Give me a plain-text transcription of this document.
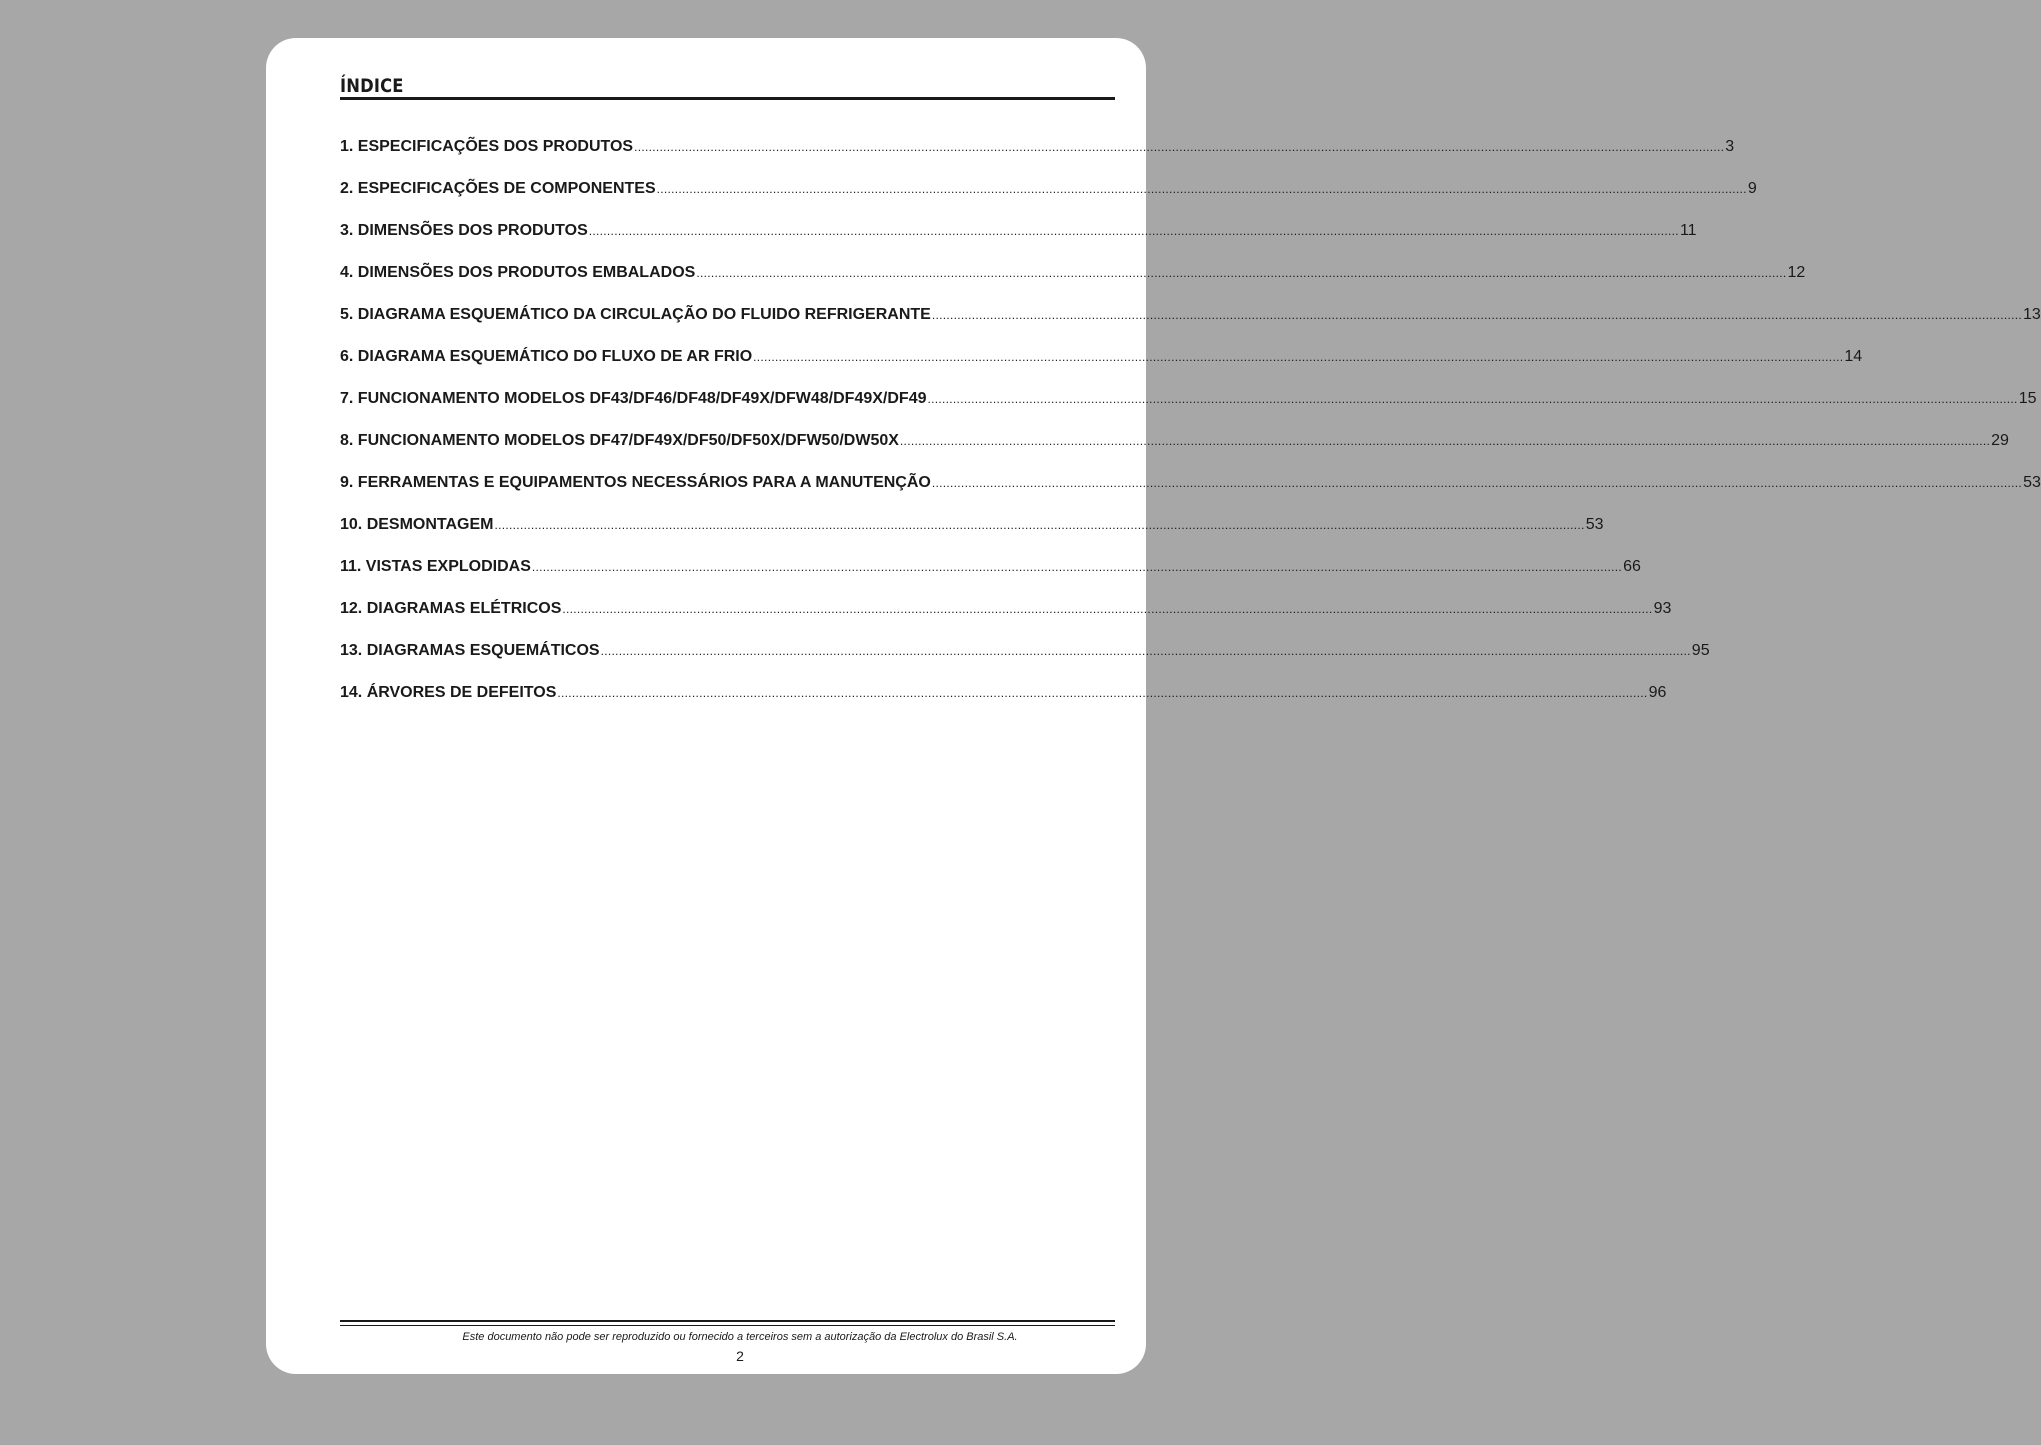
ÍNDICE
1. ESPECIFICAÇÕES DOS PRODUTOS ............................................................................................................................................................................................................................................................................................................ 3
2. ESPECIFICAÇÕES DE COMPONENTES ............................................................................................................................................................................................................................................................................................................ 9
3. DIMENSÕES DOS PRODUTOS ............................................................................................................................................................................................................................................................................................................ 11
4. DIMENSÕES DOS PRODUTOS EMBALADOS ............................................................................................................................................................................................................................................................................................................ 12
5. DIAGRAMA ESQUEMÁTICO DA CIRCULAÇÃO DO FLUIDO REFRIGERANTE ............................................................................................................................................................................................................................................................................................................ 13
6. DIAGRAMA ESQUEMÁTICO DO FLUXO DE AR FRIO ............................................................................................................................................................................................................................................................................................................ 14
7. FUNCIONAMENTO MODELOS DF43/DF46/DF48/DF49X/DFW48/DF49X/DF49 ............................................................................................................................................................................................................................................................................................................ 15
8. FUNCIONAMENTO MODELOS DF47/DF49X/DF50/DF50X/DFW50/DW50X ............................................................................................................................................................................................................................................................................................................ 29
9. FERRAMENTAS E EQUIPAMENTOS NECESSÁRIOS PARA A MANUTENÇÃO ............................................................................................................................................................................................................................................................................................................ 53
10. DESMONTAGEM ............................................................................................................................................................................................................................................................................................................ 53
11. VISTAS EXPLODIDAS ............................................................................................................................................................................................................................................................................................................ 66
12. DIAGRAMAS ELÉTRICOS ............................................................................................................................................................................................................................................................................................................ 93
13. DIAGRAMAS ESQUEMÁTICOS ............................................................................................................................................................................................................................................................................................................ 95
14. ÁRVORES DE DEFEITOS ............................................................................................................................................................................................................................................................................................................ 96
Este documento não pode ser reproduzido ou fornecido a terceiros sem a autorização da Electrolux do Brasil S.A.
2
